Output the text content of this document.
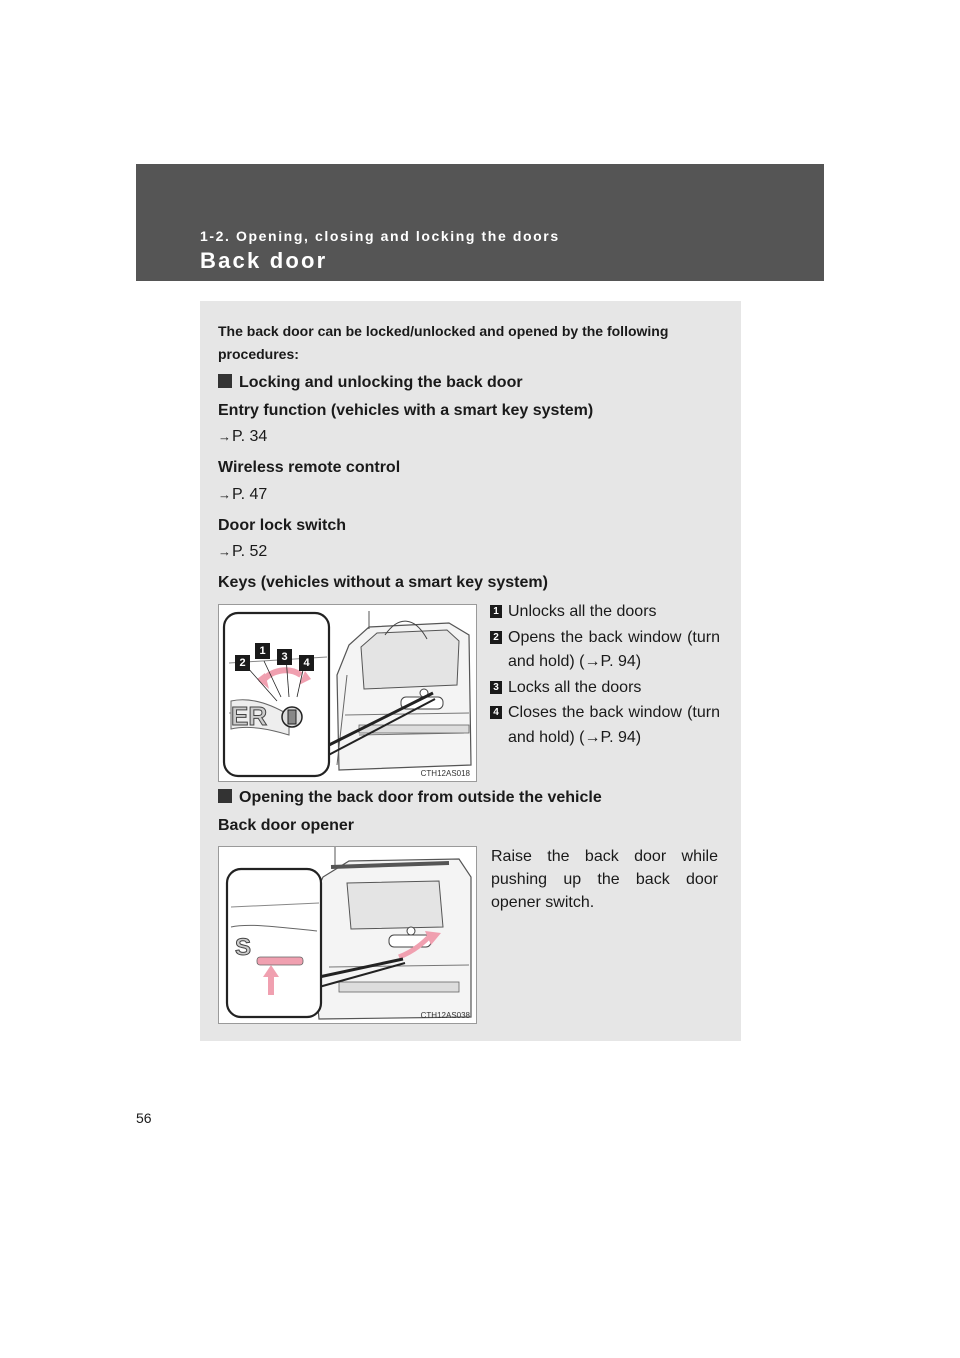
1-2. Opening, closing and locking the doors
Back door
The back door can be locked/unlocked and opened by the following procedures:
Locking and unlocking the back door
Entry function (vehicles with a smart key system)
→P. 34
Wireless remote control
→P. 47
Door lock switch
→P. 52
Keys (vehicles without a smart key system)
ER
1
2	3	4
CTH12AS018
1 Unlocks all the doors
2 Opens the back window (turn and hold) (→P. 94)
3 Locks all the doors
4 Closes the back window (turn and hold) (→P. 94)
Opening the back door from outside the vehicle
Back door opener
S
CTH12AS038
Raise the back door while pushing up the back door opener switch.
56
